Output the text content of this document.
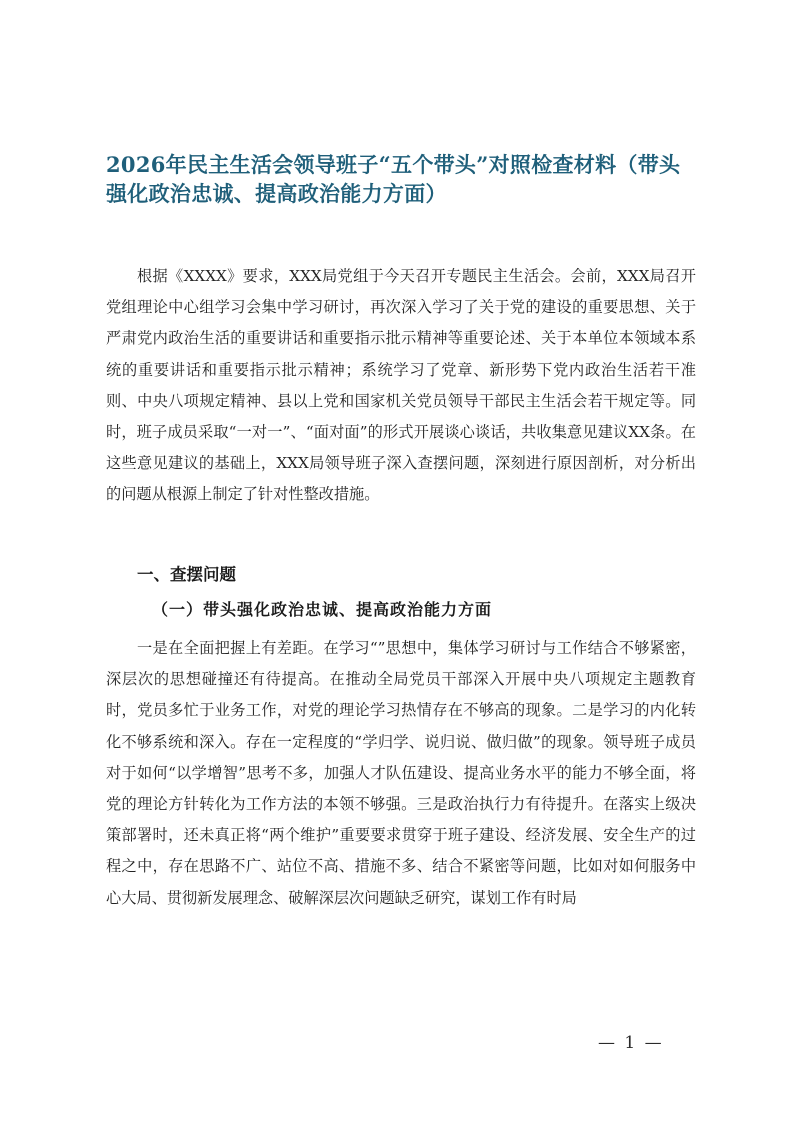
2026年民主生活会领导班子“五个带头”对照检查材料（带头强化政治忠诚、提高政治能力方面）

根据《XXXX》要求，XXX局党组于今天召开专题民主生活会。会前，XXX局召开党组理论中心组学习会集中学习研讨，再次深入学习了关于党的建设的重要思想、关于严肃党内政治生活的重要讲话和重要指示批示精神等重要论述、关于本单位本领域本系统的重要讲话和重要指示批示精神；系统学习了党章、新形势下党内政治生活若干准则、中央八项规定精神、县以上党和国家机关党员领导干部民主生活会若干规定等。同时，班子成员采取“一对一”、“面对面”的形式开展谈心谈话，共收集意见建议XX条。在这些意见建议的基础上，XXX局领导班子深入查摆问题，深刻进行原因剖析，对分析出的问题从根源上制定了针对性整改措施。

一、查摆问题
（一）带头强化政治忠诚、提高政治能力方面

一是在全面把握上有差距。在学习“”思想中，集体学习研讨与工作结合不够紧密，深层次的思想碰撞还有待提高。在推动全局党员干部深入开展中央八项规定主题教育时，党员多忙于业务工作，对党的理论学习热情存在不够高的现象。二是学习的内化转化不够系统和深入。存在一定程度的“学归学、说归说、做归做”的现象。领导班子成员对于如何“以学增智”思考不多，加强人才队伍建设、提高业务水平的能力不够全面，将党的理论方针转化为工作方法的本领不够强。三是政治执行力有待提升。在落实上级决策部署时，还未真正将“两个维护”重要要求贯穿于班子建设、经济发展、安全生产的过程之中，存在思路不广、站位不高、措施不多、结合不紧密等问题，比如对如何服务中心大局、贯彻新发展理念、破解深层次问题缺乏研究，谋划工作有时局

— 1 —
